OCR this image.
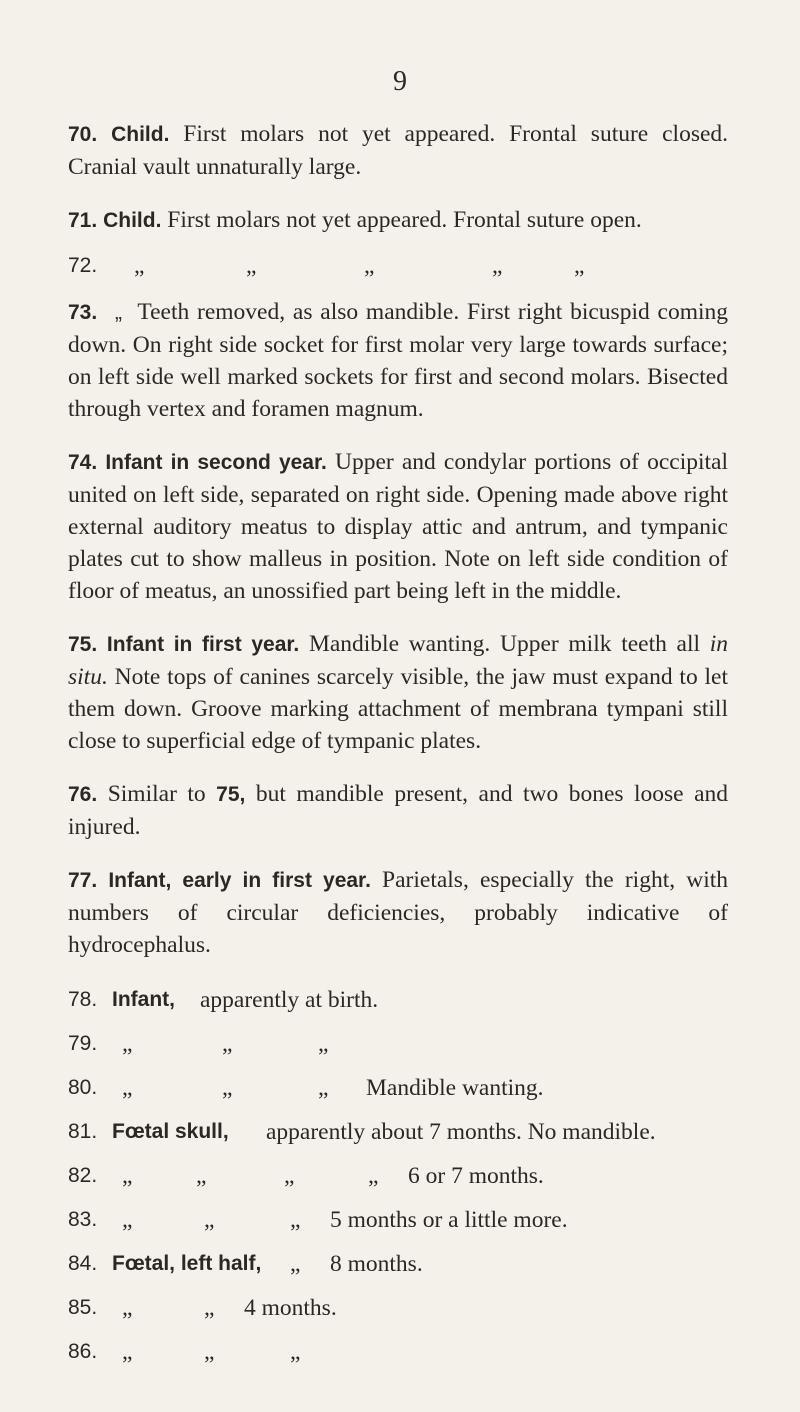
9
70. Child. First molars not yet appeared. Frontal suture closed. Cranial vault unnaturally large.
71. Child. First molars not yet appeared. Frontal suture open.
72. „	„	„	„	„
73. „ Teeth removed, as also mandible. First right bicuspid coming down. On right side socket for first molar very large towards surface; on left side well marked sockets for first and second molars. Bisected through vertex and foramen magnum.
74. Infant in second year. Upper and condylar portions of occipital united on left side, separated on right side. Opening made above right external auditory meatus to display attic and antrum, and tympanic plates cut to show malleus in position. Note on left side condition of floor of meatus, an unossified part being left in the middle.
75. Infant in first year. Mandible wanting. Upper milk teeth all in situ. Note tops of canines scarcely visible, the jaw must expand to let them down. Groove marking attachment of membrana tympani still close to superficial edge of tympanic plates.
76. Similar to 75, but mandible present, and two bones loose and injured.
77. Infant, early in first year. Parietals, especially the right, with numbers of circular deficiencies, probably indicative of hydrocephalus.
78. Infant, apparently at birth.
79. „	„	„
80. „	„	„ Mandible wanting.
81. Fœtal skull, apparently about 7 months. No mandible.
82. „	„	„	„ 6 or 7 months.
83. „	„	„ 5 months or a little more.
84. Fœtal, left half, „ 8 months.
85. „	„ 4 months.
86. „	„	„
